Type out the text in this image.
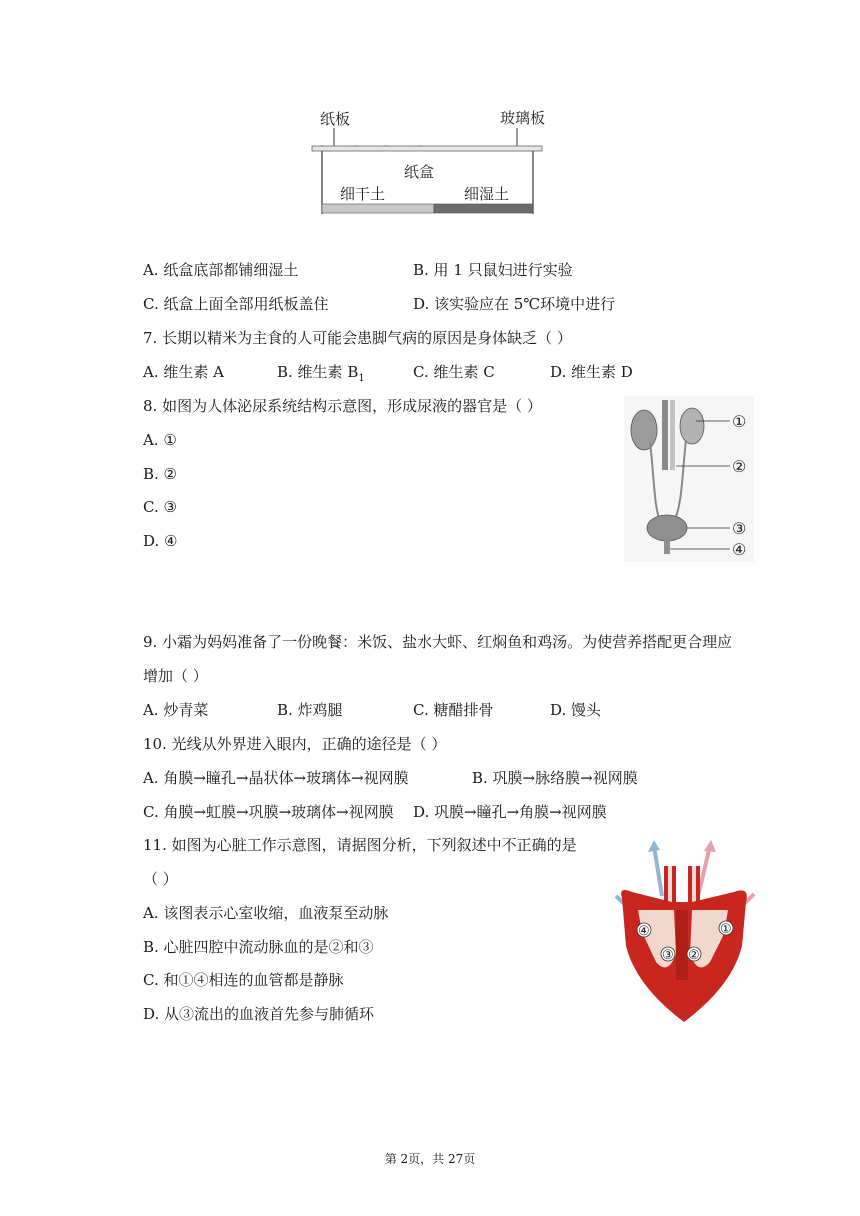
纸板	玻璃板
纸盒
细干土	细湿土
A. 纸盒底部都铺细湿土	B. 用 1 只鼠妇进行实验
C. 纸盒上面全部用纸板盖住	D. 该实验应在 5℃环境中进行
7. 长期以精米为主食的人可能会患脚气病的原因是身体缺乏（ ）
A. 维生素 A	B. 维生素 $B_1$	C. 维生素 C	D. 维生素 D
8. 如图为人体泌尿系统结构示意图，形成尿液的器官是（ ）
A. ①
B. ②
C. ③
D. ④
①
②
③
④
9. 小霜为妈妈准备了一份晚餐：米饭、盐水大虾、红焖鱼和鸡汤。为使营养搭配更合理应
增加（ ）
A. 炒青菜	B. 炸鸡腿	C. 糖醋排骨	D. 馒头
10. 光线从外界进入眼内，正确的途径是（ ）
A. 角膜→瞳孔→晶状体→玻璃体→视网膜	B. 巩膜→脉络膜→视网膜
C. 角膜→虹膜→巩膜→玻璃体→视网膜 D. 巩膜→瞳孔→角膜→视网膜
11. 如图为心脏工作示意图，请据图分析，下列叙述中不正确的是
（ ）
A. 该图表示心室收缩，血液泵至动脉
B. 心脏四腔中流动脉血的是②和③
C. 和①④相连的血管都是静脉
D. 从③流出的血液首先参与肺循环
④
③ ②
①
第 2页，共 27页
